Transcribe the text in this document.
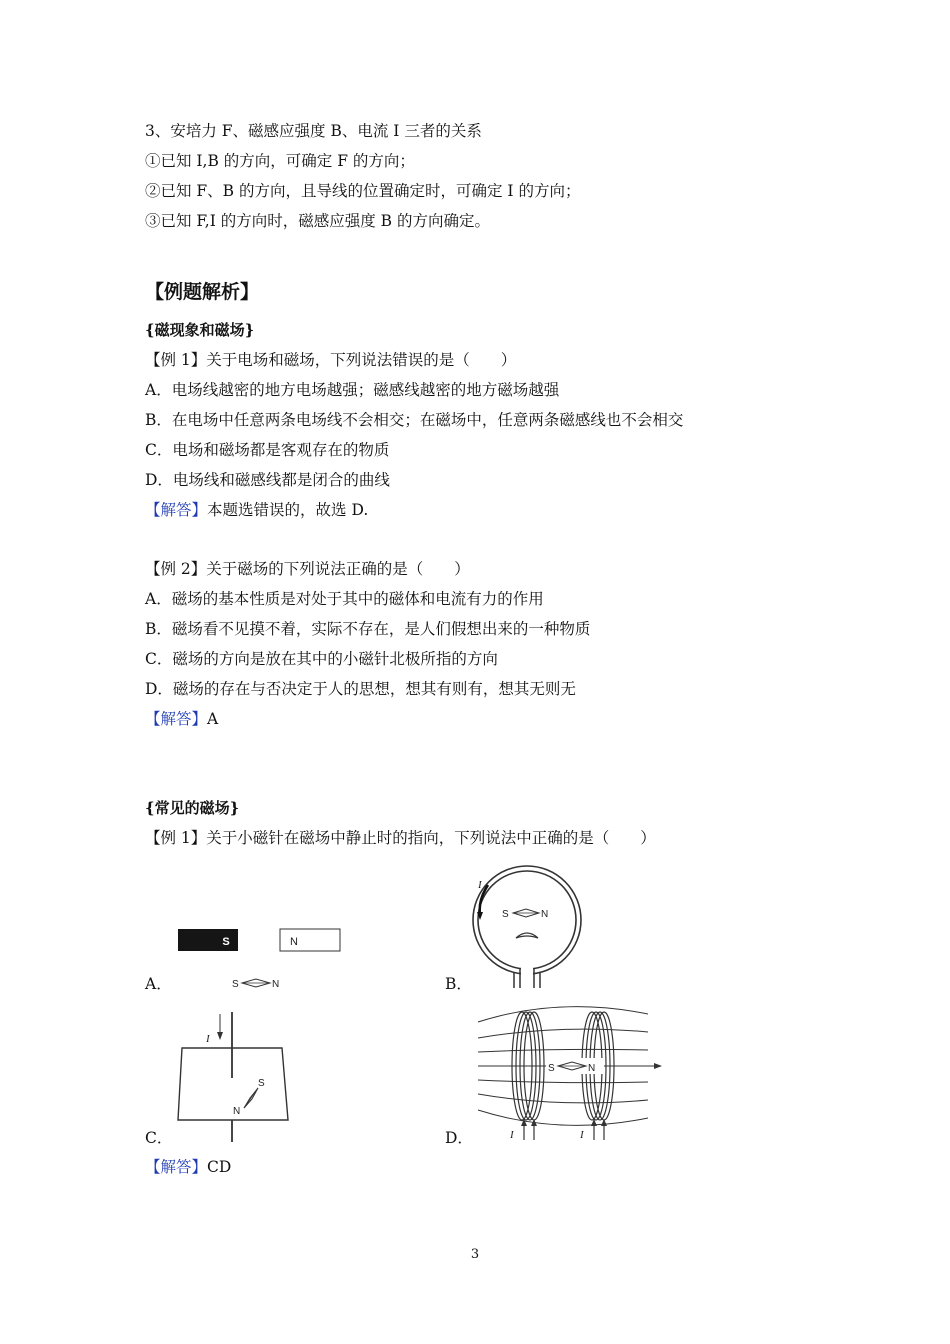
3、安培力 F、磁感应强度 B、电流 I 三者的关系
①已知 I,B 的方向，可确定 F 的方向；
②已知 F、B 的方向，且导线的位置确定时，可确定 I 的方向；
③已知 F,I 的方向时，磁感应强度 B 的方向确定。
【例题解析】
{磁现象和磁场}
【例 1】关于电场和磁场，下列说法错误的是（　　）
A．电场线越密的地方电场越强；磁感线越密的地方磁场越强
B．在电场中任意两条电场线不会相交；在磁场中，任意两条磁感线也不会相交
C．电场和磁场都是客观存在的物质
D．电场线和磁感线都是闭合的曲线
【解答】本题选错误的，故选 D.
【例 2】关于磁场的下列说法正确的是（　　）
A．磁场的基本性质是对处于其中的磁体和电流有力的作用
B．磁场看不见摸不着，实际不存在，是人们假想出来的一种物质
C．磁场的方向是放在其中的小磁针北极所指的方向
D．磁场的存在与否决定于人的思想，想其有则有，想其无则无
【解答】A
{常见的磁场}
【例 1】关于小磁针在磁场中静止时的指向，下列说法中正确的是（　　）
S	N
S	N
A．
I
S	N
B．
I
S
N
C．
S	N
I	I
D．
【解答】CD
3
